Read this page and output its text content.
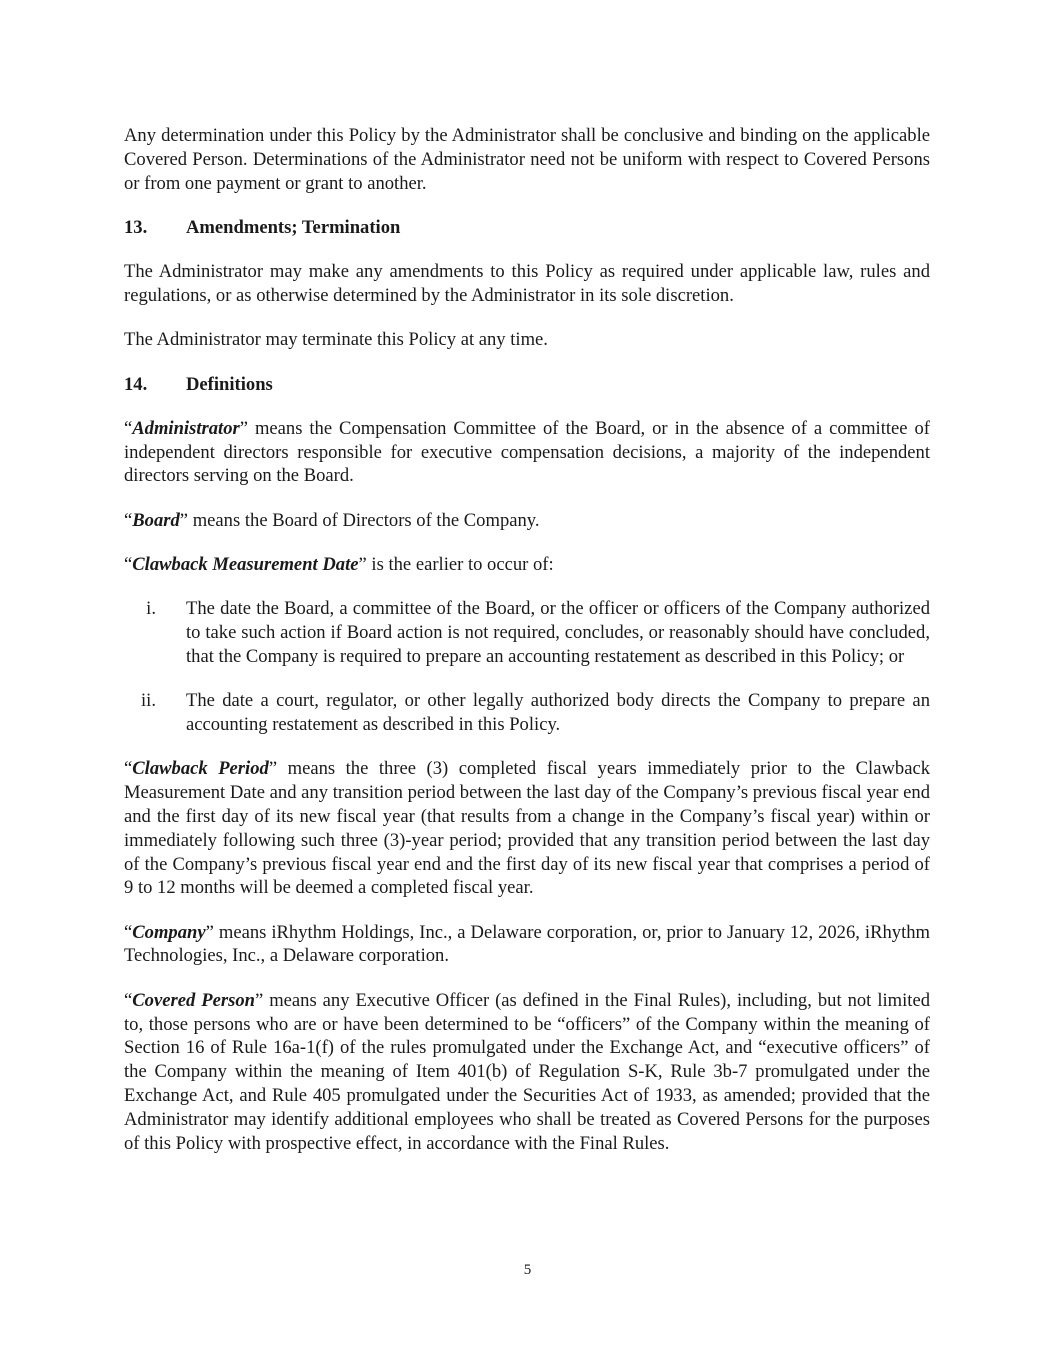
Any determination under this Policy by the Administrator shall be conclusive and binding on the applicable Covered Person. Determinations of the Administrator need not be uniform with respect to Covered Persons or from one payment or grant to another.

13.	Amendments; Termination

The Administrator may make any amendments to this Policy as required under applicable law, rules and regulations, or as otherwise determined by the Administrator in its sole discretion.

The Administrator may terminate this Policy at any time.

14.	Definitions

“Administrator” means the Compensation Committee of the Board, or in the absence of a committee of independent directors responsible for executive compensation decisions, a majority of the independent directors serving on the Board.

“Board” means the Board of Directors of the Company.

“Clawback Measurement Date” is the earlier to occur of:

i.	The date the Board, a committee of the Board, or the officer or officers of the Company authorized to take such action if Board action is not required, concludes, or reasonably should have concluded, that the Company is required to prepare an accounting restatement as described in this Policy; or
ii.	The date a court, regulator, or other legally authorized body directs the Company to prepare an accounting restatement as described in this Policy.

“Clawback Period” means the three (3) completed fiscal years immediately prior to the Clawback Measurement Date and any transition period between the last day of the Company’s previous fiscal year end and the first day of its new fiscal year (that results from a change in the Company’s fiscal year) within or immediately following such three (3)-year period; provided that any transition period between the last day of the Company’s previous fiscal year end and the first day of its new fiscal year that comprises a period of 9 to 12 months will be deemed a completed fiscal year.

“Company” means iRhythm Holdings, Inc., a Delaware corporation, or, prior to January 12, 2026, iRhythm Technologies, Inc., a Delaware corporation.

“Covered Person” means any Executive Officer (as defined in the Final Rules), including, but not limited to, those persons who are or have been determined to be “officers” of the Company within the meaning of Section 16 of Rule 16a-1(f) of the rules promulgated under the Exchange Act, and “executive officers” of the Company within the meaning of Item 401(b) of Regulation S-K, Rule 3b-7 promulgated under the Exchange Act, and Rule 405 promulgated under the Securities Act of 1933, as amended; provided that the Administrator may identify additional employees who shall be treated as Covered Persons for the purposes of this Policy with prospective effect, in accordance with the Final Rules.

5
